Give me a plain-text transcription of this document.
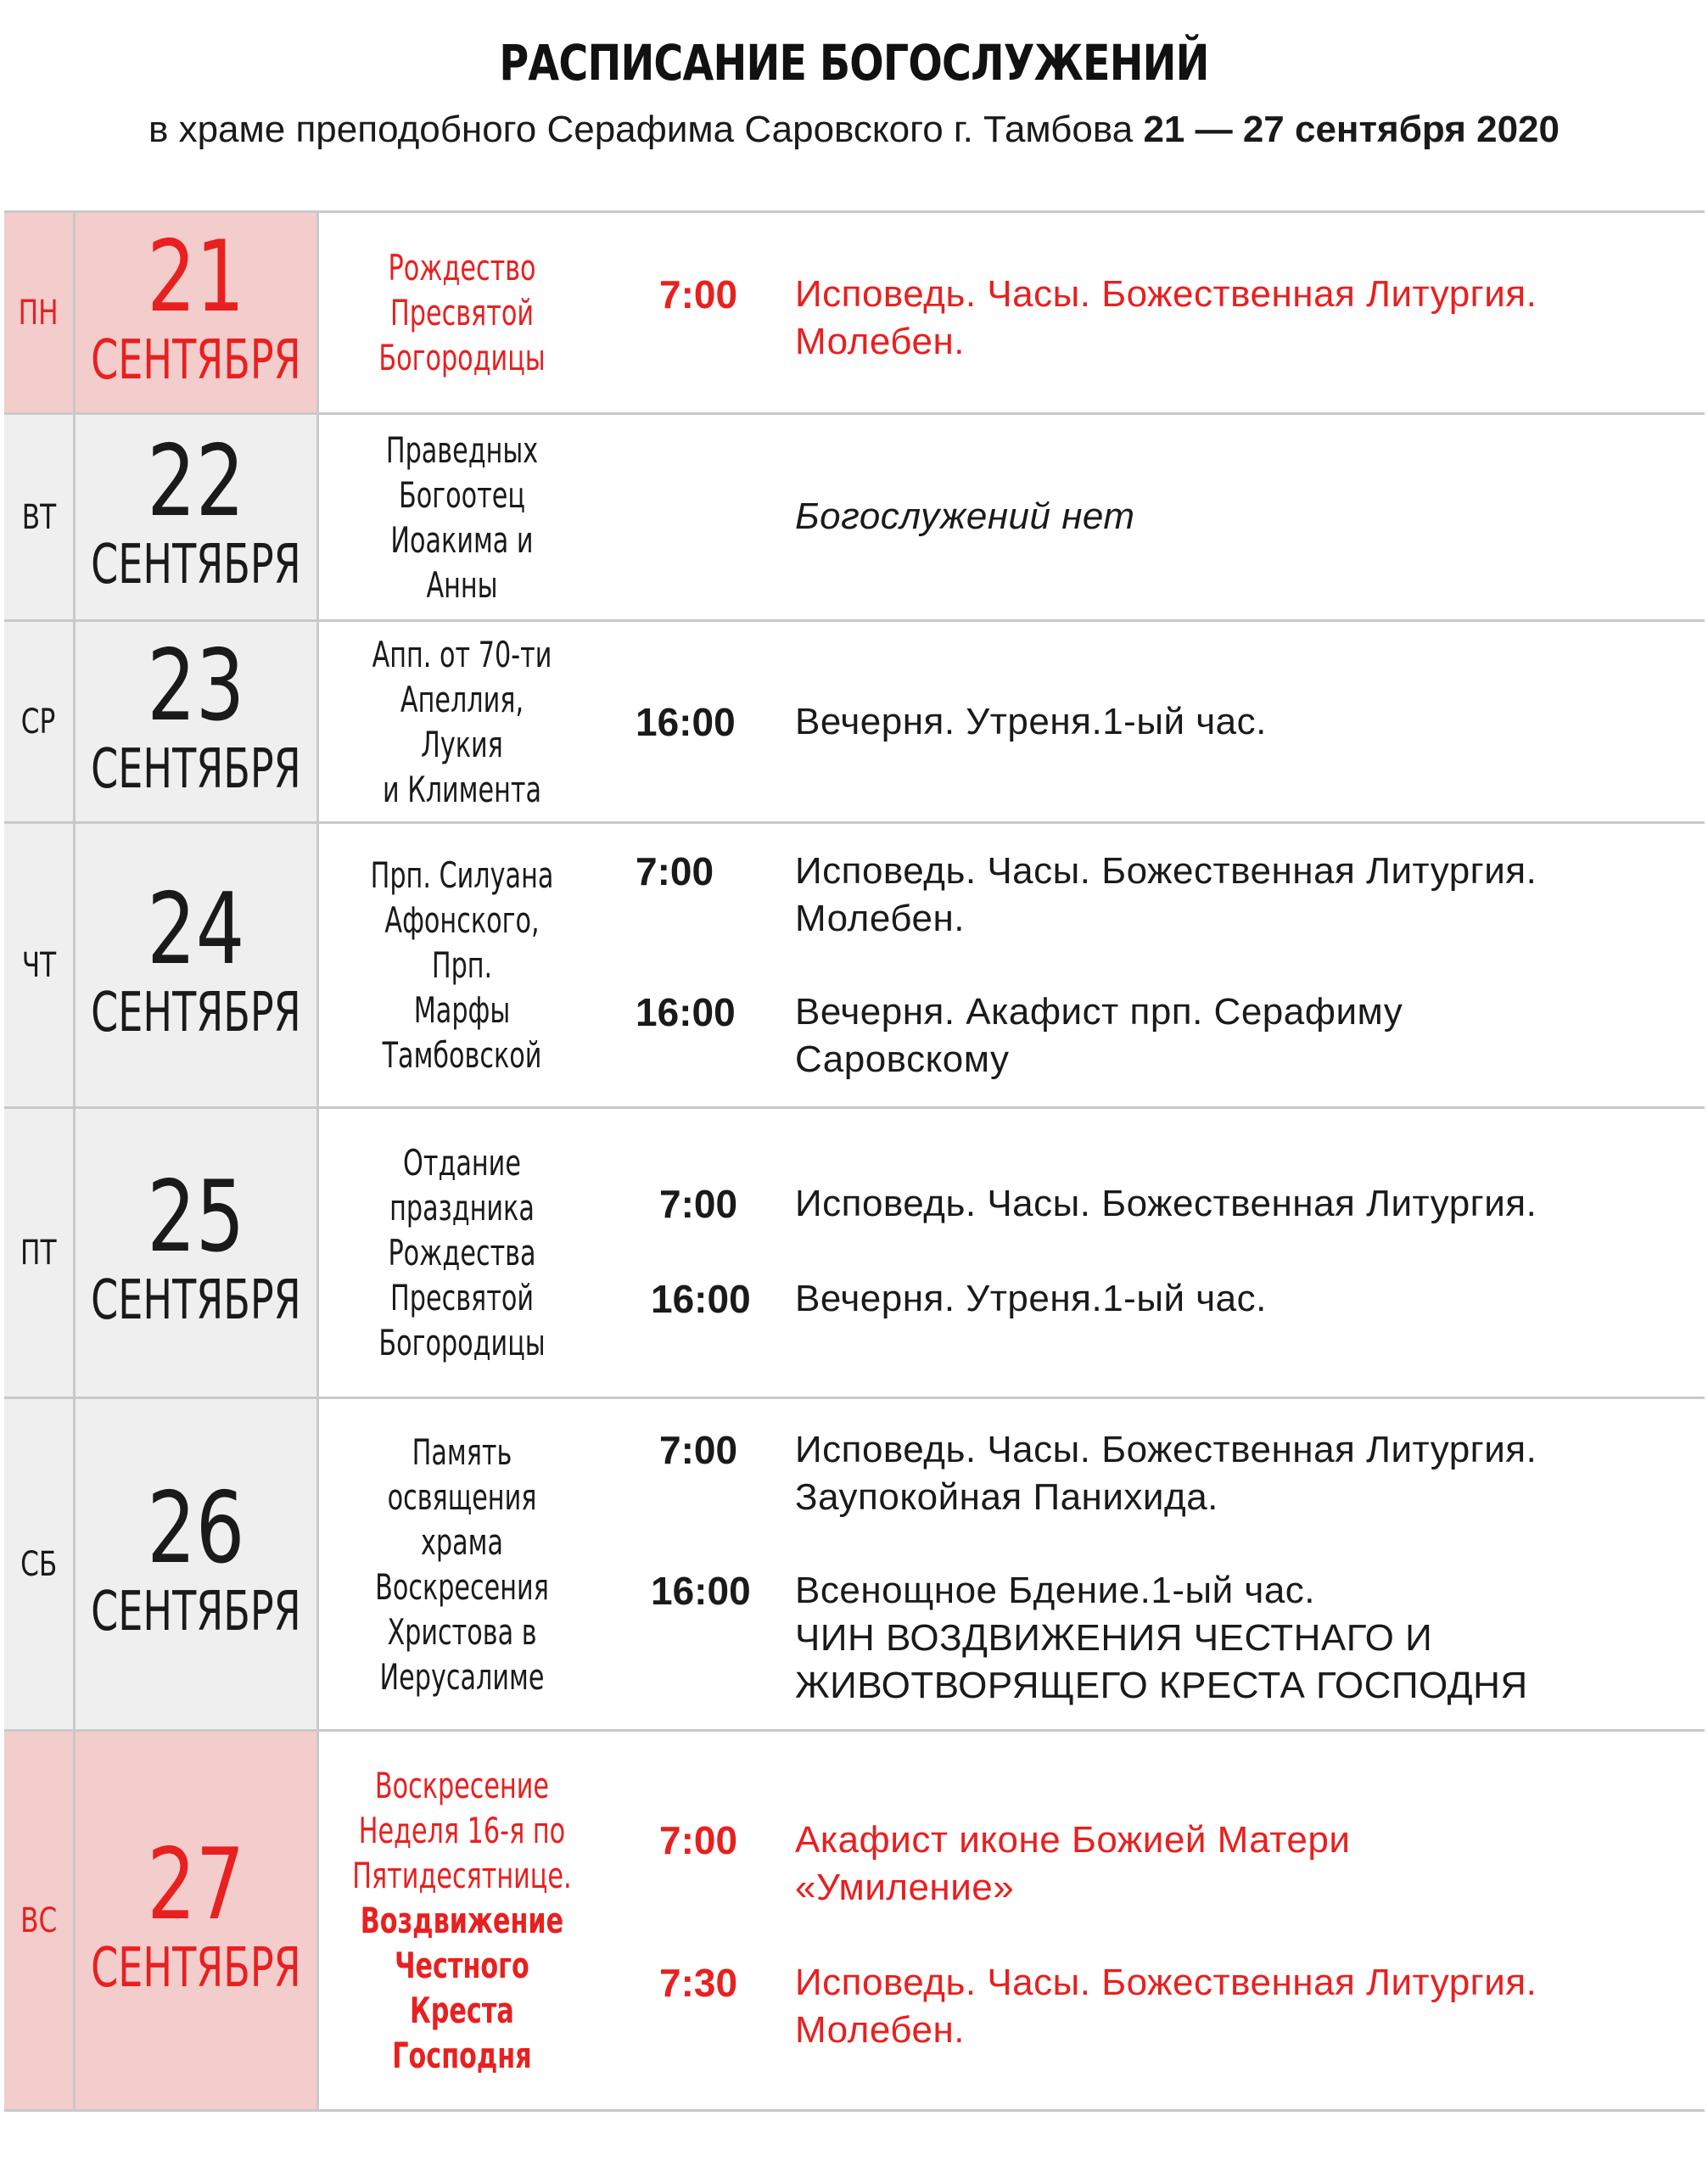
РАСПИСАНИЕ БОГОСЛУЖЕНИЙ
в храме преподобного Серафима Саровского г. Тамбова 21 — 27 сентября 2020
ПН 21
СЕНТЯБРЯ
Рождество
Пресвятой
Богородицы
7:00 Исповедь. Часы. Божественная Литургия.
Молебен.
ВТ 22
СЕНТЯБРЯ
Праведных
Богоотец
Иоакима и Анны
Богослужений нет
СР 23
СЕНТЯБРЯ
Апп. от 70-ти
Апеллия, Лукия
и Климента
16:00 Вечерня. Утреня.1-ый час.
ЧТ 24
СЕНТЯБРЯ
Прп. Силуана
Афонского, Прп.
Марфы
Тамбовской
7:00 Исповедь. Часы. Божественная Литургия.
Молебен.
16:00 Вечерня. Акафист прп. Серафиму
Саровскому
ПТ 25
СЕНТЯБРЯ
Отдание
праздника
Рождества
Пресвятой
Богородицы
7:00 Исповедь. Часы. Божественная Литургия.
16:00 Вечерня. Утреня.1-ый час.
СБ 26
СЕНТЯБРЯ
Память
освящения храма
Воскресения
Христова в
Иерусалиме
7:00 Исповедь. Часы. Божественная Литургия.
Заупокойная Панихида.
16:00 Всенощное Бдение.1-ый час.
ЧИН ВОЗДВИЖЕНИЯ ЧЕСТНАГО И
ЖИВОТВОРЯЩЕГО КРЕСТА ГОСПОДНЯ
ВС 27
СЕНТЯБРЯ
Воскресение
Неделя 16-я по
Пятидесятнице.
Воздвижение
Честного
Креста
Господня
7:00 Акафист иконе Божией Матери
«Умиление»
7:30 Исповедь. Часы. Божественная Литургия.
Молебен.
